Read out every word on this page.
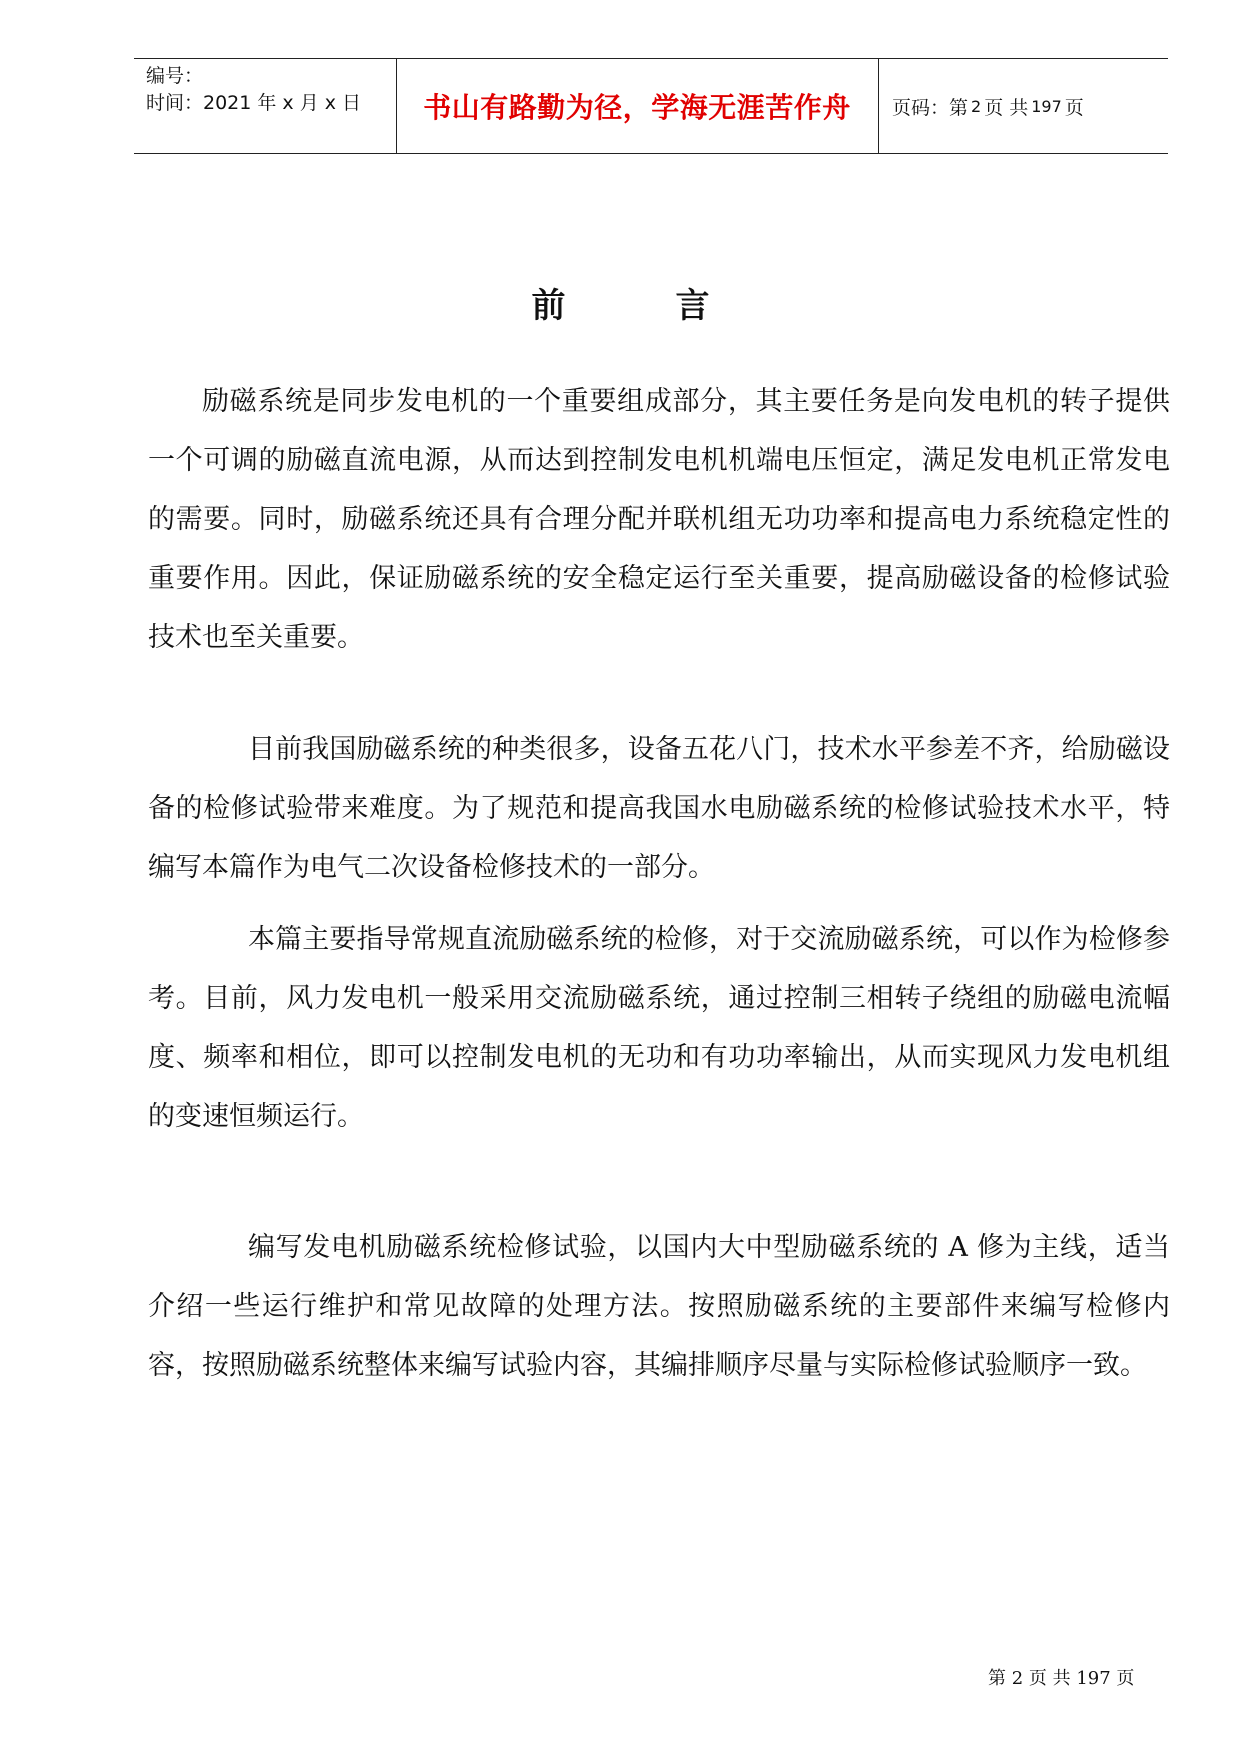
编号：
时间：2021 年 x 月 x 日	书山有路勤为径，学海无涯苦作舟	页码：第 2 页 共 197 页
前	言

励磁系统是同步发电机的一个重要组成部分，其主要任务是向发电机的转子提供一个可调的励磁直流电源，从而达到控制发电机机端电压恒定，满足发电机正常发电的需要。同时，励磁系统还具有合理分配并联机组无功功率和提高电力系统稳定性的重要作用。因此，保证励磁系统的安全稳定运行至关重要，提高励磁设备的检修试验技术也至关重要。

目前我国励磁系统的种类很多，设备五花八门，技术水平参差不齐，给励磁设备的检修试验带来难度。为了规范和提高我国水电励磁系统的检修试验技术水平，特编写本篇作为电气二次设备检修技术的一部分。

本篇主要指导常规直流励磁系统的检修，对于交流励磁系统，可以作为检修参考。目前，风力发电机一般采用交流励磁系统，通过控制三相转子绕组的励磁电流幅度、频率和相位，即可以控制发电机的无功和有功功率输出，从而实现风力发电机组的变速恒频运行。

编写发电机励磁系统检修试验，以国内大中型励磁系统的 A 修为主线，适当介绍一些运行维护和常见故障的处理方法。按照励磁系统的主要部件来编写检修内容，按照励磁系统整体来编写试验内容，其编排顺序尽量与实际检修试验顺序一致。

第 2 页 共 197 页
